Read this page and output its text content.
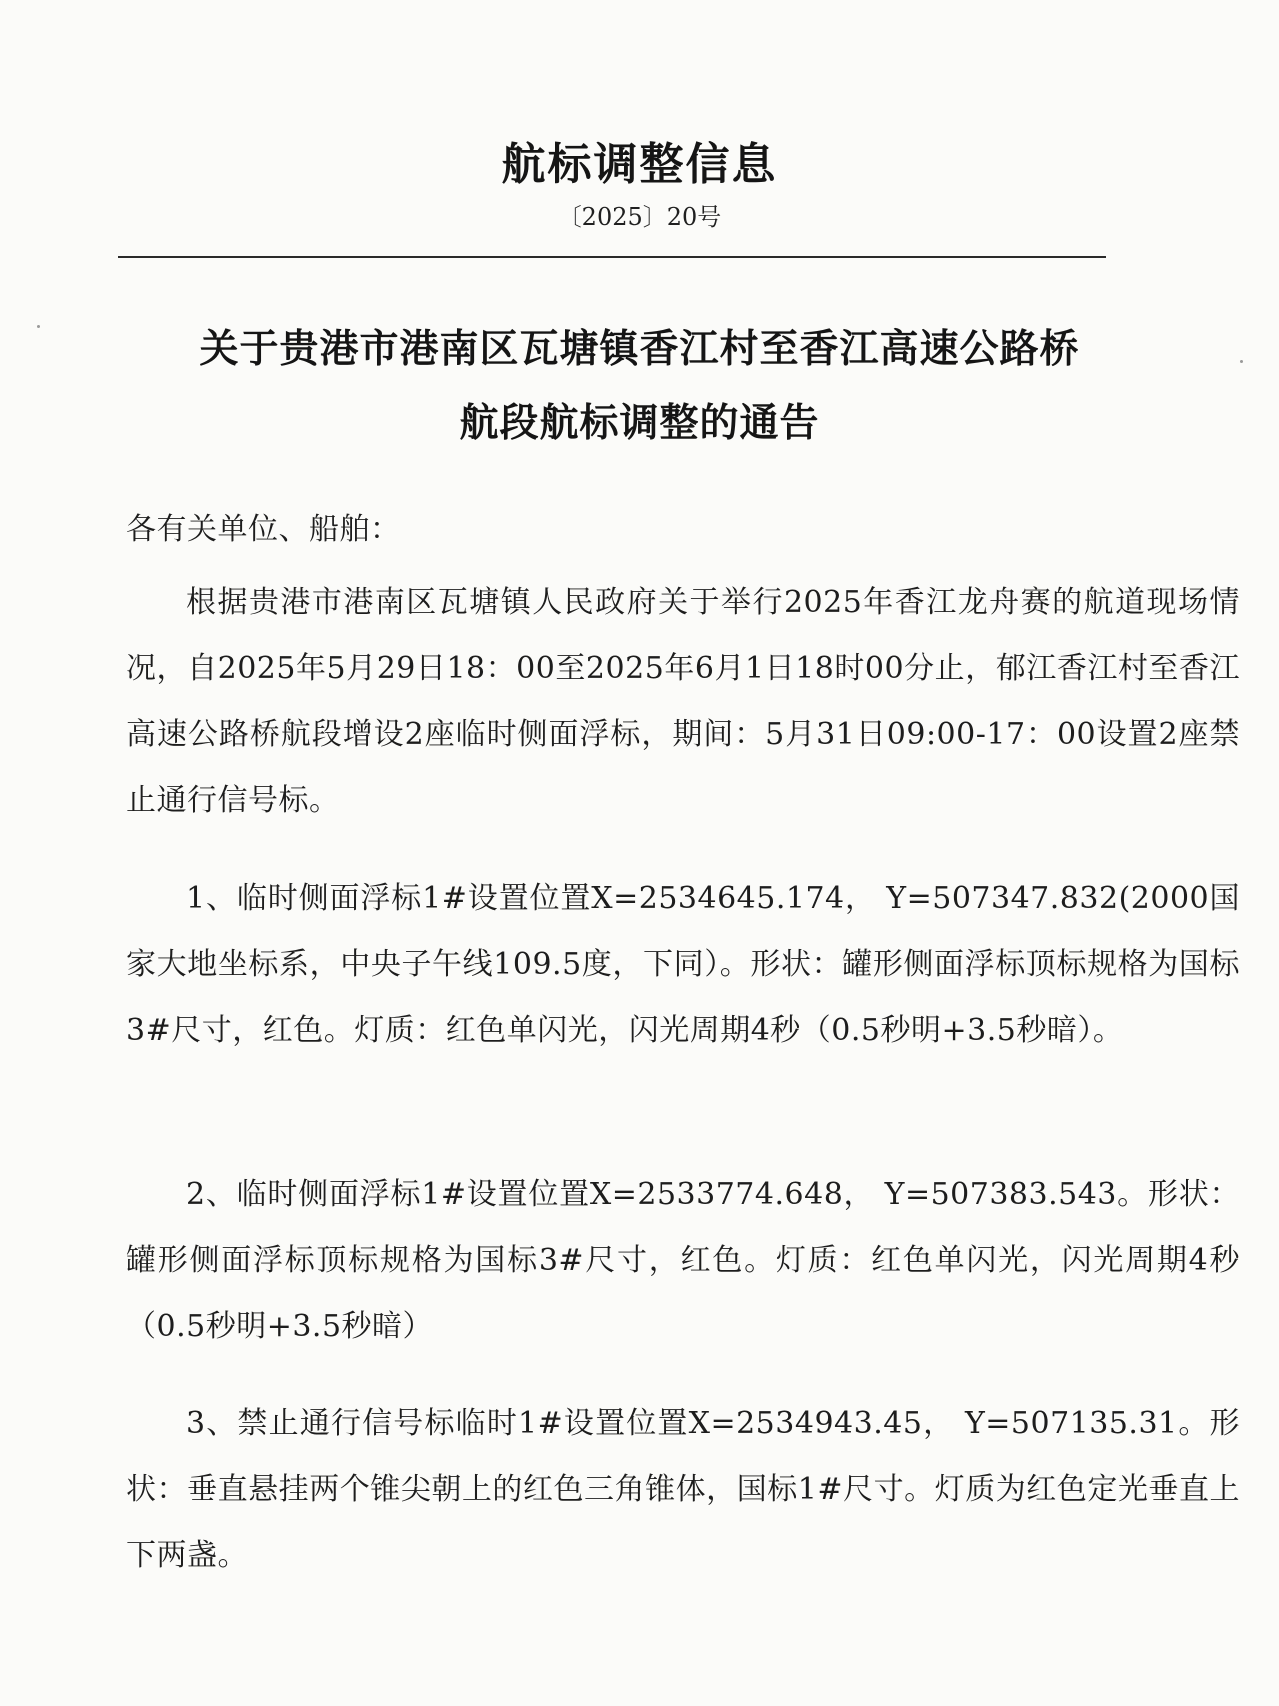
航标调整信息
〔2025〕20号
关于贵港市港南区瓦塘镇香江村至香江高速公路桥
航段航标调整的通告
各有关单位、船舶：
根据贵港市港南区瓦塘镇人民政府关于举行2025年香江龙舟赛的航道现场情况，自2025年5月29日18：00至2025年6月1日18时00分止，郁江香江村至香江高速公路桥航段增设2座临时侧面浮标，期间：5月31日09:00-17：00设置2座禁止通行信号标。
1、临时侧面浮标1#设置位置X=2534645.174， Y=507347.832(2000国家大地坐标系，中央子午线109.5度，下同）。形状：罐形侧面浮标顶标规格为国标3#尺寸，红色。灯质：红色单闪光，闪光周期4秒（0.5秒明+3.5秒暗）。
2、临时侧面浮标1#设置位置X=2533774.648， Y=507383.543。形状：罐形侧面浮标顶标规格为国标3#尺寸，红色。灯质：红色单闪光，闪光周期4秒（0.5秒明+3.5秒暗）
3、禁止通行信号标临时1#设置位置X=2534943.45， Y=507135.31。形状：垂直悬挂两个锥尖朝上的红色三角锥体，国标1#尺寸。灯质为红色定光垂直上下两盏。
